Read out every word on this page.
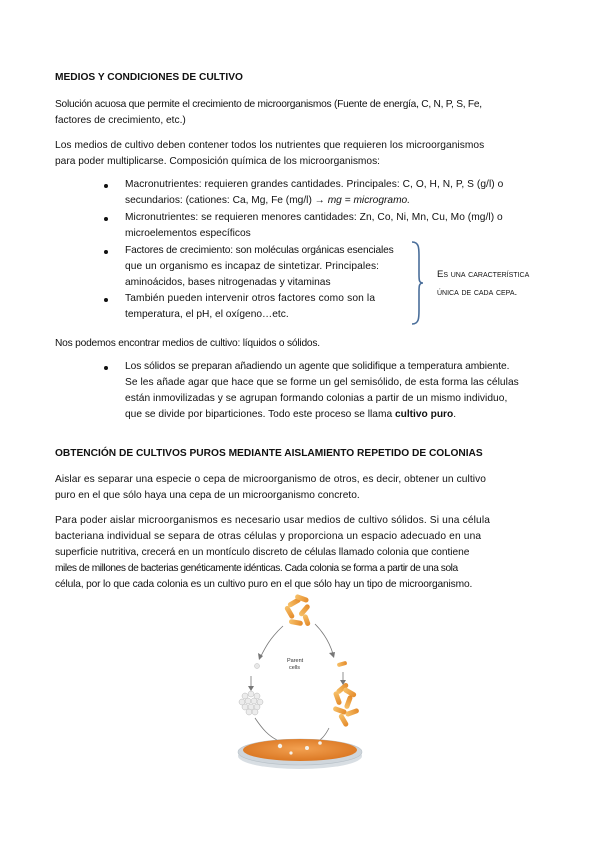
MEDIOS Y CONDICIONES DE CULTIVO
Solución acuosa que permite el crecimiento de microorganismos (Fuente de energía, C, N, P, S, Fe,
factores de crecimiento, etc.)
Los medios de cultivo deben contener todos los nutrientes que requieren los microorganismos
para poder multiplicarse. Composición química de los microorganismos:
Macronutrientes: requieren grandes cantidades. Principales: C, O, H, N, P, S (g/l) o
secundarios: (cationes: Ca, Mg, Fe (mg/l) → mg = microgramo.
Micronutrientes: se requieren menores cantidades: Zn, Co, Ni, Mn, Cu, Mo (mg/l) o
microelementos específicos
Factores de crecimiento: son moléculas orgánicas esenciales
que un organismo es incapaz de sintetizar. Principales:
aminoácidos, bases nitrogenadas y vitaminas
También pueden intervenir otros factores como son la
temperatura, el pH, el oxígeno…etc.
Es una característica
única de cada cepa.
Nos podemos encontrar medios de cultivo: líquidos o sólidos.
Los sólidos se preparan añadiendo un agente que solidifique a temperatura ambiente.
Se les añade agar que hace que se forme un gel semisólido, de esta forma las células
están inmovilizadas y se agrupan formando colonias a partir de un mismo individuo,
que se divide por biparticiones. Todo este proceso se llama cultivo puro.
OBTENCIÓN DE CULTIVOS PUROS MEDIANTE AISLAMIENTO REPETIDO DE COLONIAS
Aislar es separar una especie o cepa de microorganismo de otros, es decir, obtener un cultivo
puro en el que sólo haya una cepa de un microorganismo concreto.
Para poder aislar microorganismos es necesario usar medios de cultivo sólidos. Si una célula
bacteriana individual se separa de otras células y proporciona un espacio adecuado en una
superficie nutritiva, crecerá en un montículo discreto de células llamado colonia que contiene
miles de millones de bacterias genéticamente idénticas. Cada colonia se forma a partir de una sola
célula, por lo que cada colonia es un cultivo puro en el que sólo hay un tipo de microorganismo.
Parent
cells
